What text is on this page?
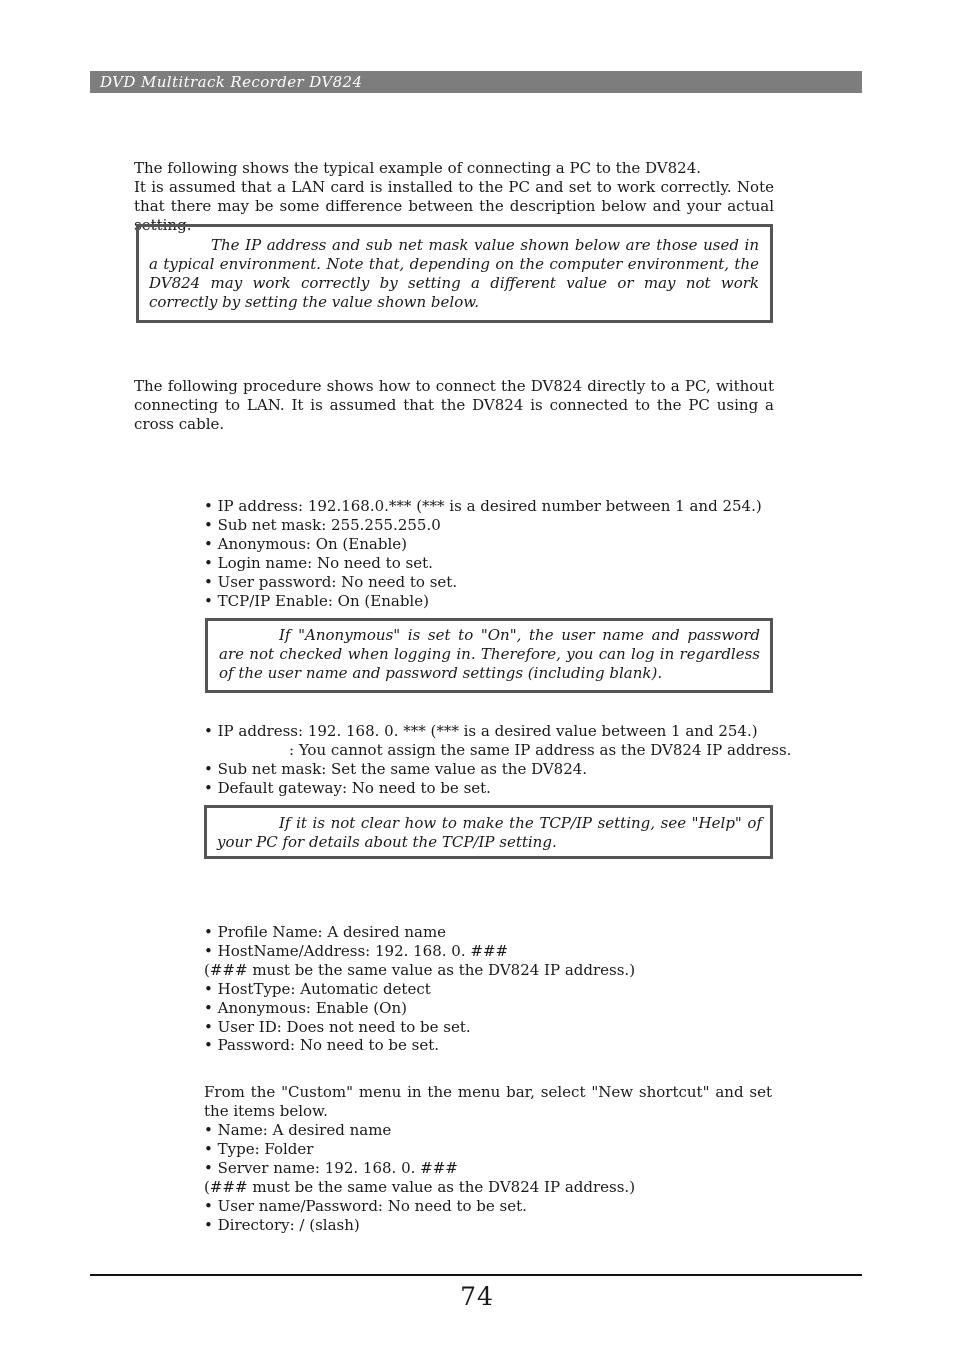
DVD Multitrack Recorder DV824
The following shows the typical example of connecting a PC to the DV824.
It is assumed that a LAN card is installed to the PC and set to work correctly. Note that there may be some difference between the description below and your actual setting.

The IP address and sub net mask value shown below are those used in a typical environment. Note that, depending on the computer environment, the DV824 may work correctly by setting a different value or may not work correctly by setting the value shown below.

The following procedure shows how to connect the DV824 directly to a PC, without connecting to LAN. It is assumed that the DV824 is connected to the PC using a cross cable.

• IP address: 192.168.0.*** (*** is a desired number between 1 and 254.)
• Sub net mask: 255.255.255.0
• Anonymous: On (Enable)
• Login name: No need to set.
• User password: No need to set.
• TCP/IP Enable: On (Enable)

If "Anonymous" is set to "On", the user name and password are not checked when logging in. Therefore, you can log in regardless of the user name and password settings (including blank).

• IP address: 192. 168. 0. *** (*** is a desired value between 1 and 254.)
: You cannot assign the same IP address as the DV824 IP address.
• Sub net mask: Set the same value as the DV824.
• Default gateway: No need to be set.

If it is not clear how to make the TCP/IP setting, see "Help" of your PC for details about the TCP/IP setting.

• Profile Name: A desired name
• HostName/Address: 192. 168. 0. ###
(### must be the same value as the DV824 IP address.)
• HostType: Automatic detect
• Anonymous: Enable (On)
• User ID: Does not need to be set.
• Password: No need to be set.

From the "Custom" menu in the menu bar, select "New shortcut" and set the items below.

• Name: A desired name
• Type: Folder
• Server name: 192. 168. 0. ###
(### must be the same value as the DV824 IP address.)
• User name/Password: No need to be set.
• Directory: / (slash)
74
